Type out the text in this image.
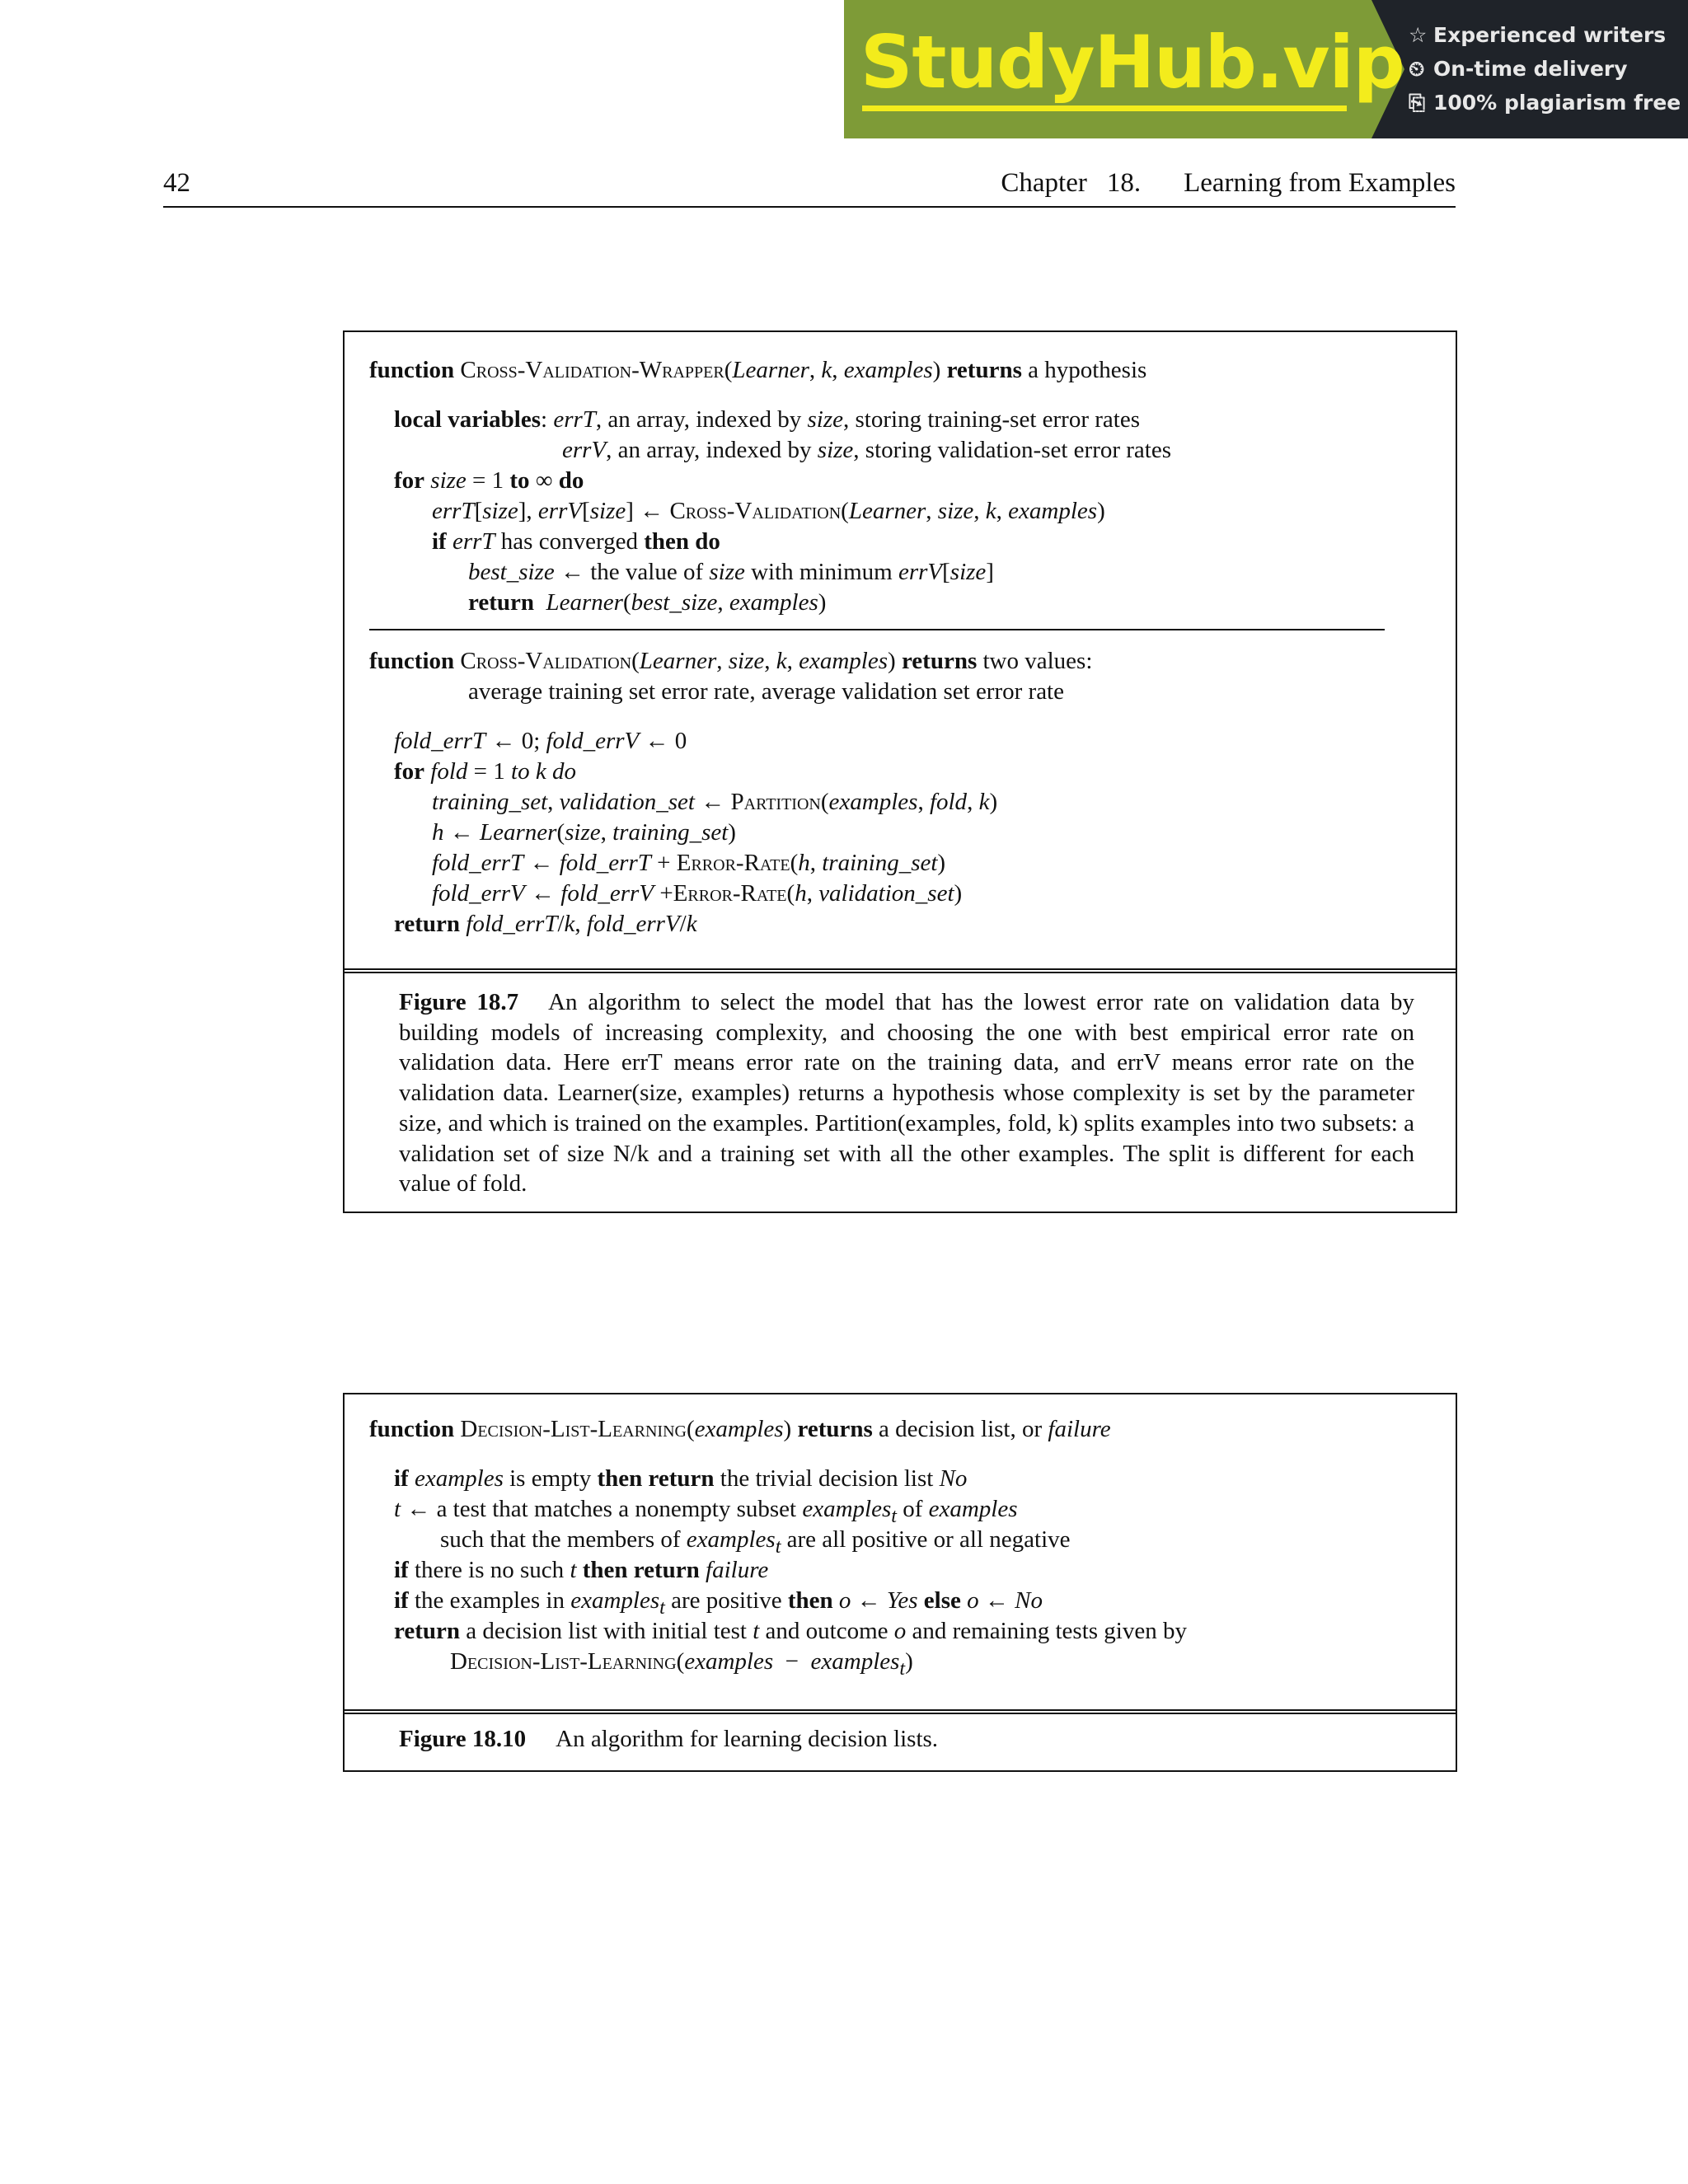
StudyHub.vip ☆ Experienced writers
⏲ On-time delivery
⎘ 100% plagiarism free
42	Chapter 18. Learning from Examples
function Cross-Validation-Wrapper(Learner, k, examples) returns a hypothesis
local variables: errT, an array, indexed by size, storing training-set error rates
errV, an array, indexed by size, storing validation-set error rates
for size = 1 to ∞ do
errT[size], errV[size] ← Cross-Validation(Learner, size, k, examples)
if errT has converged then do
best_size ← the value of size with minimum errV[size]
return Learner(best_size, examples)
function Cross-Validation(Learner, size, k, examples) returns two values:
average training set error rate, average validation set error rate
fold_errT ← 0; fold_errV ← 0
for fold = 1 to k do
training_set, validation_set ← Partition(examples, fold, k)
h ← Learner(size, training_set)
fold_errT ← fold_errT + Error-Rate(h, training_set)
fold_errV ← fold_errV +Error-Rate(h, validation_set)
return fold_errT/k, fold_errV/k
Figure 18.7 An algorithm to select the model that has the lowest error rate on validation data by building models of increasing complexity, and choosing the one with best empirical error rate on validation data. Here errT means error rate on the training data, and errV means error rate on the validation data. Learner(size, examples) returns a hypothesis whose complexity is set by the parameter size, and which is trained on the examples. Partition(examples, fold, k) splits examples into two subsets: a validation set of size N/k and a training set with all the other examples. The split is different for each value of fold.
function Decision-List-Learning(examples) returns a decision list, or failure
if examples is empty then return the trivial decision list No
t ← a test that matches a nonempty subset examples$_t$ of examples
such that the members of examples$_t$ are all positive or all negative
if there is no such t then return failure
if the examples in examples$_t$ are positive then o ← Yes else o ← No
return a decision list with initial test t and outcome o and remaining tests given by
Decision-List-Learning(examples  −  examples$_t$)
Figure 18.10 An algorithm for learning decision lists.
